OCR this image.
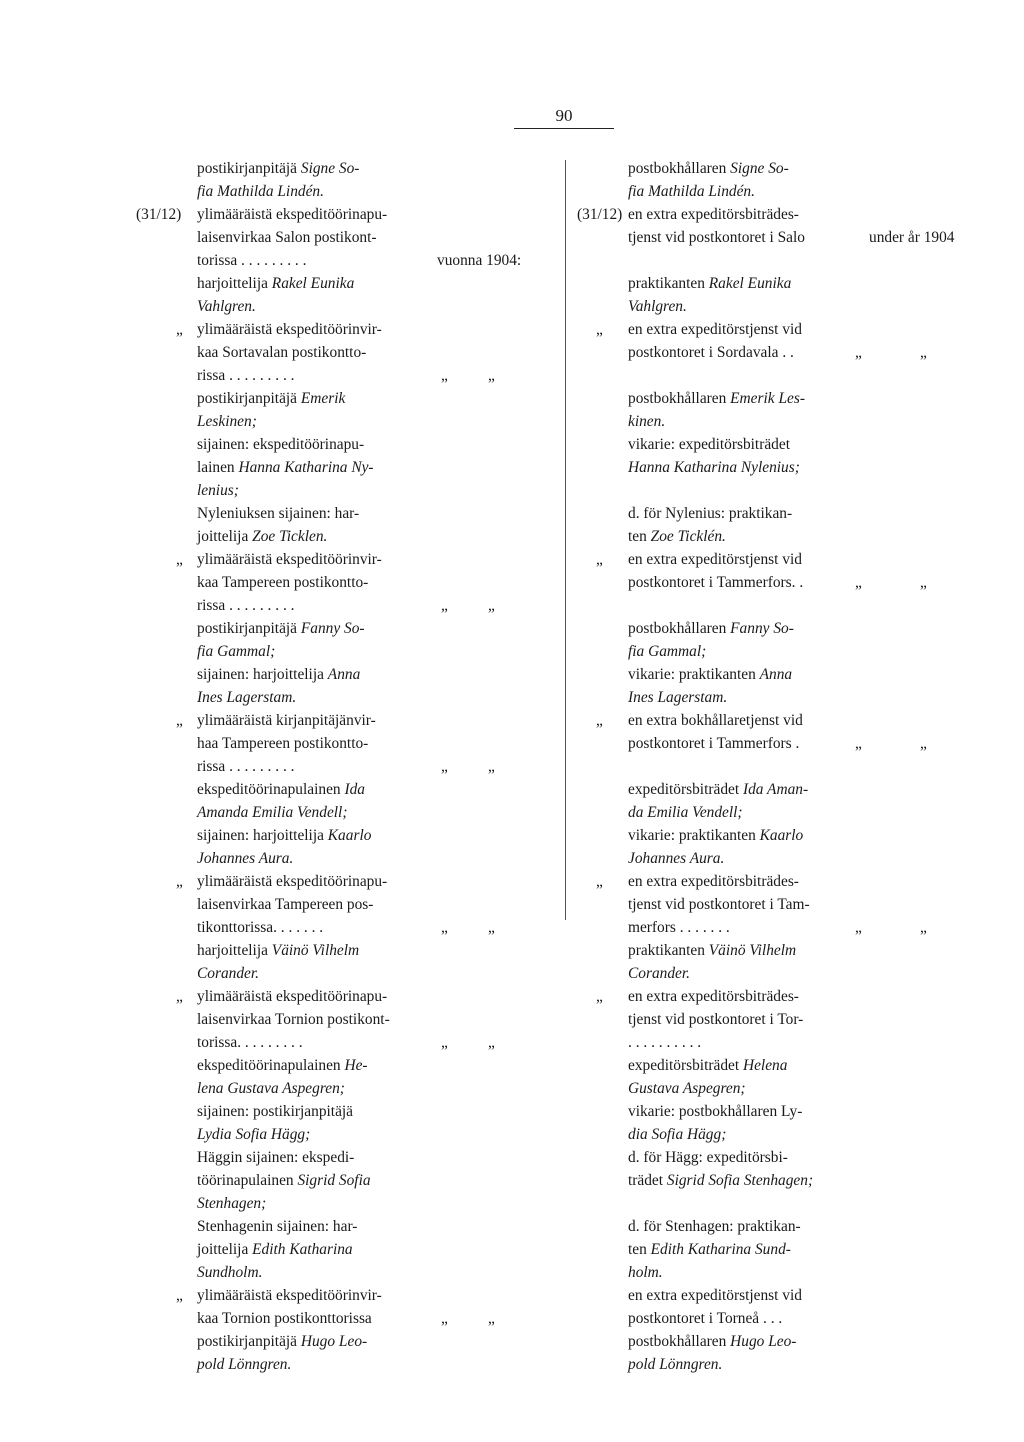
90
postikirjanpitäjä Signe So-
fia Mathilda Lindén.
(31/12) ylimääräistä ekspeditöörinapu-
laisenvirkaa Salon postikont-
torissa . . . . . . . . .	vuonna 1904:
harjoittelija Rakel Eunika
Vahlgren.
„ ylimääräistä ekspeditöörinvir-
kaa Sortavalan postikontto-
rissa . . . . . . . . .	„	„
postikirjanpitäjä Emerik
Leskinen;
sijainen: ekspeditöörinapu-
lainen Hanna Katharina Ny-
lenius;
Nyleniuksen sijainen: har-
joittelija Zoe Ticklen.
„ ylimääräistä ekspeditöörinvir-
kaa Tampereen postikontto-
rissa . . . . . . . . .	„	„
postikirjanpitäjä Fanny So-
fia Gammal;
sijainen: harjoittelija Anna
Ines Lagerstam.
„ ylimääräistä kirjanpitäjänvir-
haa Tampereen postikontto-
rissa . . . . . . . . .	„	„
ekspeditöörinapulainen Ida
Amanda Emilia Vendell;
sijainen: harjoittelija Kaarlo
Johannes Aura.
„ ylimääräistä ekspeditöörinapu-
laisenvirkaa Tampereen pos-
tikonttorissa. . . . . . .	„	„
harjoittelija Väinö Vilhelm
Corander.
„ ylimääräistä ekspeditöörinapu-
laisenvirkaa Tornion postikont-
torissa. . . . . . . . .	„	„
ekspeditöörinapulainen He-
lena Gustava Aspegren;
sijainen: postikirjanpitäjä
Lydia Sofia Hägg;
Häggin sijainen: ekspedi-
töörinapulainen Sigrid Sofia
Stenhagen;
Stenhagenin sijainen: har-
joittelija Edith Katharina
Sundholm.
„ ylimääräistä ekspeditöörinvir-
kaa Tornion postikonttorissa	„	„
postikirjanpitäjä Hugo Leo-
pold Lönngren.
postbokhållaren Signe So-
fia Mathilda Lindén.
(31/12) en extra expeditörsbiträdes-
tjenst vid postkontoret i Salo	under år 1904
praktikanten Rakel Eunika
Vahlgren.
„ en extra expeditörstjenst vid
postkontoret i Sordavala . .	„	„
postbokhållaren Emerik Les-
kinen.
vikarie: expeditörsbiträdet
Hanna Katharina Nylenius;
d. för Nylenius: praktikan-
ten Zoe Ticklén.
„ en extra expeditörstjenst vid
postkontoret i Tammerfors. .	„	„
postbokhållaren Fanny So-
fia Gammal;
vikarie: praktikanten Anna
Ines Lagerstam.
„ en extra bokhållaretjenst vid
postkontoret i Tammerfors .	„	„
expeditörsbiträdet Ida Aman-
da Emilia Vendell;
vikarie: praktikanten Kaarlo
Johannes Aura.
„ en extra expeditörsbiträdes-
tjenst vid postkontoret i Tam-
merfors . . . . . . .	„	„
praktikanten Väinö Vilhelm
Corander.
„ en extra expeditörsbiträdes-
tjenst vid postkontoret i Tor-
. . . . . . . . . .
expeditörsbiträdet Helena
Gustava Aspegren;
vikarie: postbokhållaren Ly-
dia Sofia Hägg;
d. för Hägg: expeditörsbi-
trädet Sigrid Sofia Stenhagen;
d. för Stenhagen: praktikan-
ten Edith Katharina Sund-
holm.
en extra expeditörstjenst vid
postkontoret i Torneå . . .
postbokhållaren Hugo Leo-
pold Lönngren.
